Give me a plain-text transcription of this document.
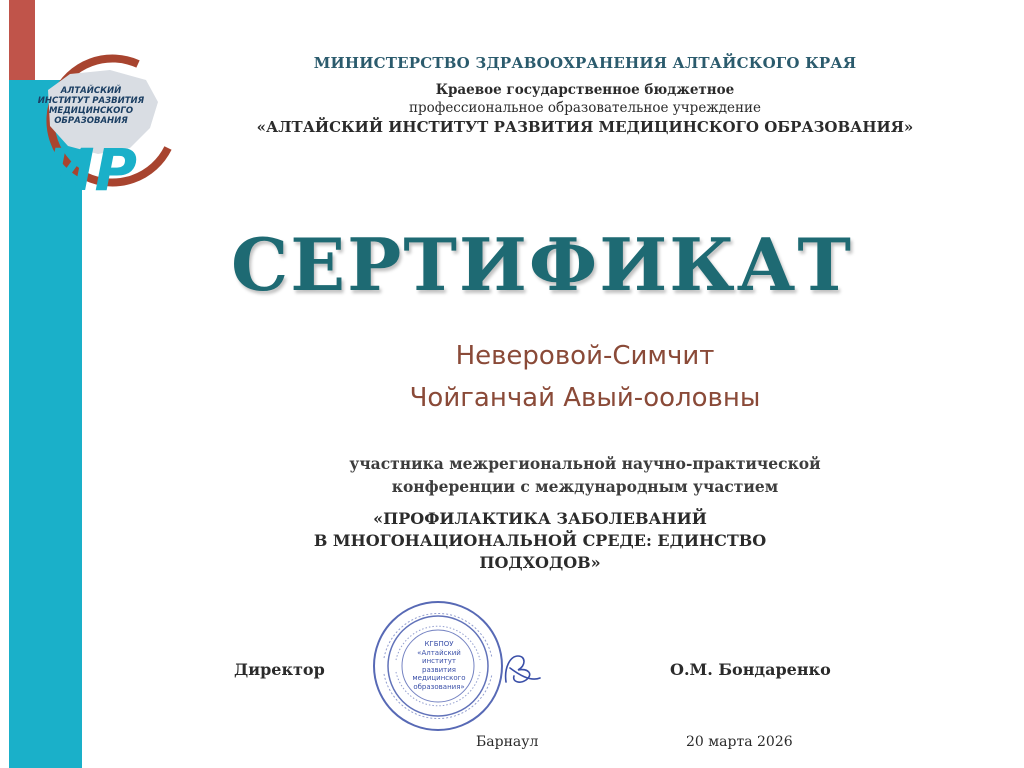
ИР
АЛТАЙСКИЙ
ИНСТИТУТ РАЗВИТИЯ
МЕДИЦИНСКОГО
ОБРАЗОВАНИЯ
МИНИСТЕРСТВО ЗДРАВООХРАНЕНИЯ АЛТАЙСКОГО КРАЯ
Краевое государственное бюджетное
профессиональное образовательное учреждение
«АЛТАЙСКИЙ ИНСТИТУТ РАЗВИТИЯ МЕДИЦИНСКОГО ОБРАЗОВАНИЯ»
СЕРТИФИКАТ
Неверовой-Симчит
Чойганчай Авый-ооловны
участника межрегиональной научно-практической
конференции с международным участием
«ПРОФИЛАКТИКА ЗАБОЛЕВАНИЙ
В МНОГОНАЦИОНАЛЬНОЙ СРЕДЕ: ЕДИНСТВО
ПОДХОДОВ»
Директор
КГБПОУ
«Алтайский
институт развития
медицинского
образования»
О.М. Бондаренко
Барнаул	20 марта 2026
